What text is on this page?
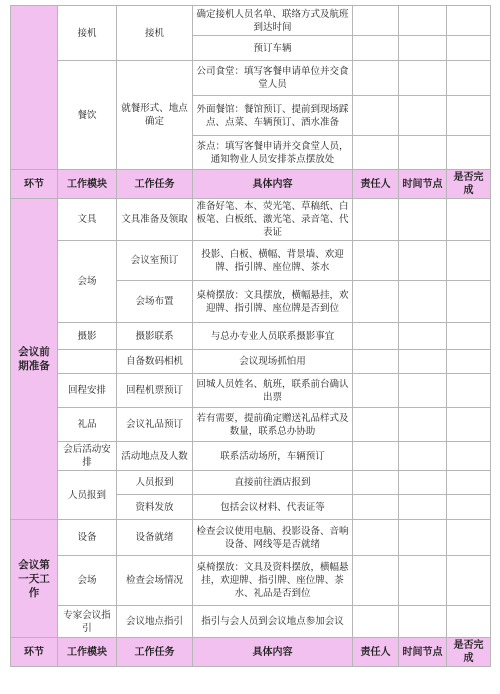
	接机	接机	确定接机人员名单、联络方式及航班到达时间			
			预订车辆			
	餐饮	就餐形式、地点确定	公司食堂：填写客餐申请单位并交食堂人员			
			外面餐馆：餐馆预订、提前到现场踩点、点菜、车辆预订、酒水准备			
			茶点：填写客餐申请并交食堂人员，通知物业人员安排茶点摆放处			

环节	工作模块	工作任务	具体内容	责任人	时间节点	是否完成
会议前期准备	文具	文具准备及领取	准备好笔、本、荧光笔、草稿纸、白板笔、白板纸、激光笔、录音笔、代表证			
	会场	会议室预订	投影、白板、横幅、背景墙、欢迎牌、指引牌、座位牌、茶水			
		会场布置	桌椅摆放：文具摆放，横幅悬挂，欢迎牌、指引牌、座位牌是否到位			
	摄影	摄影联系	与总办专业人员联系摄影事宜			
		自备数码相机	会议现场抓怕用			
	回程安排	回程机票预订	回城人员姓名、航班，联系前台确认出票			
	礼品	会议礼品预订	若有需要，提前确定赠送礼品样式及数量，联系总办协助			
	会后活动安排	活动地点及人数	联系活动场所，车辆预订			
	人员报到	人员报到	直接前往酒店报到			
		资料发放	包括会议材料、代表证等			

会议第一天工作	设备	设备就绪	检查会议使用电脑、投影设备、音响设备、网线等是否就绪			
	会场	检查会场情况	桌椅摆放：文具及资料摆放，横幅悬挂，欢迎牌、指引牌、座位牌、茶水、礼品是否到位			
	专家会议指引	会议地点指引	指引与会人员到会议地点参加会议			
环节	工作模块	工作任务	具体内容	责任人	时间节点	是否完成
